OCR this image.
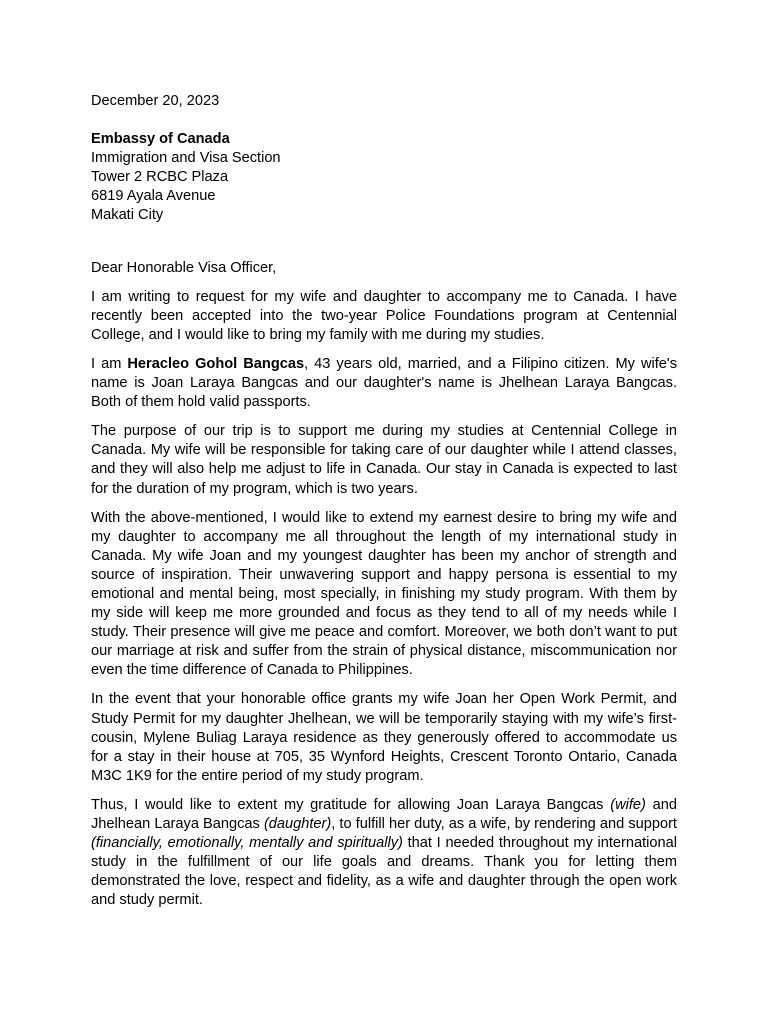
December 20, 2023
Embassy of Canada
Immigration and Visa Section
Tower 2 RCBC Plaza
6819 Ayala Avenue
Makati City
Dear Honorable Visa Officer,

I am writing to request for my wife and daughter to accompany me to Canada. I have recently been accepted into the two-year Police Foundations program at Centennial College, and I would like to bring my family with me during my studies.

I am Heracleo Gohol Bangcas, 43 years old, married, and a Filipino citizen. My wife's name is Joan Laraya Bangcas and our daughter's name is Jhelhean Laraya Bangcas. Both of them hold valid passports.

The purpose of our trip is to support me during my studies at Centennial College in Canada. My wife will be responsible for taking care of our daughter while I attend classes, and they will also help me adjust to life in Canada. Our stay in Canada is expected to last for the duration of my program, which is two years.

With the above-mentioned, I would like to extend my earnest desire to bring my wife and my daughter to accompany me all throughout the length of my international study in Canada. My wife Joan and my youngest daughter has been my anchor of strength and source of inspiration. Their unwavering support and happy persona is essential to my emotional and mental being, most specially, in finishing my study program. With them by my side will keep me more grounded and focus as they tend to all of my needs while I study. Their presence will give me peace and comfort. Moreover, we both don’t want to put our marriage at risk and suffer from the strain of physical distance, miscommunication nor even the time difference of Canada to Philippines.

In the event that your honorable office grants my wife Joan her Open Work Permit, and Study Permit for my daughter Jhelhean, we will be temporarily staying with my wife’s first-cousin, Mylene Buliag Laraya residence as they generously offered to accommodate us for a stay in their house at 705, 35 Wynford Heights, Crescent Toronto Ontario, Canada M3C 1K9 for the entire period of my study program.

Thus, I would like to extent my gratitude for allowing Joan Laraya Bangcas (wife) and Jhelhean Laraya Bangcas (daughter), to fulfill her duty, as a wife, by rendering and support (financially, emotionally, mentally and spiritually) that I needed throughout my international study in the fulfillment of our life goals and dreams. Thank you for letting them demonstrated the love, respect and fidelity, as a wife and daughter through the open work and study permit.
